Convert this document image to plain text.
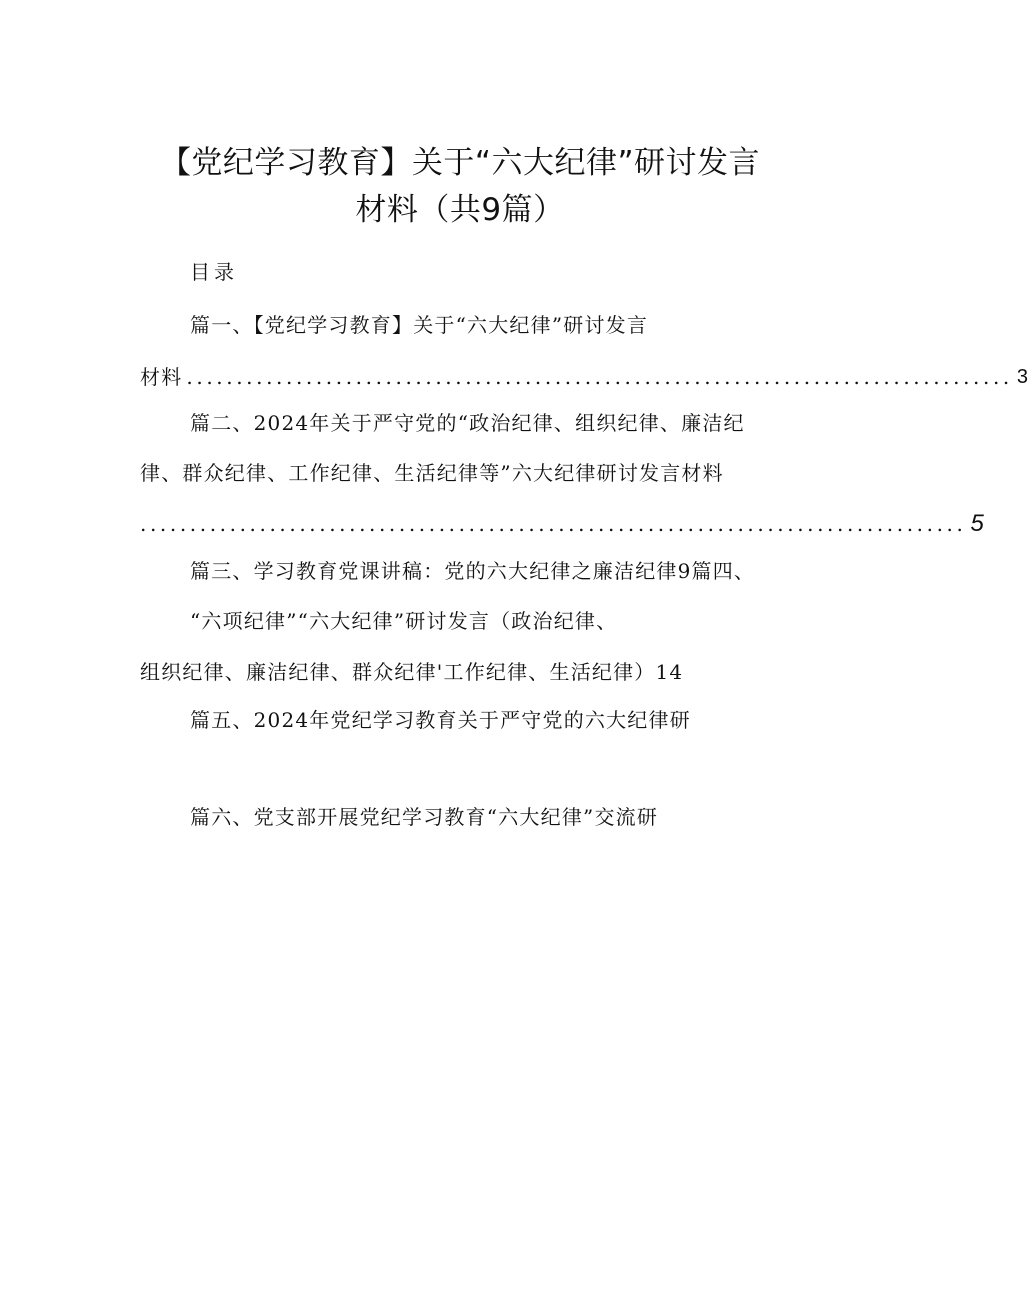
【党纪学习教育】关于“六大纪律”研讨发言
材料（共9篇）
目录
篇一、【党纪学习教育】关于“六大纪律”研讨发言
材料 ................................................................................... 3
篇二、2024年关于严守党的“政治纪律、组织纪律、廉洁纪
律、群众纪律、工作纪律、生活纪律等”六大纪律研讨发言材料
................................................................................... 5
篇三、学习教育党课讲稿：党的六大纪律之廉洁纪律9篇四、
“六项纪律”“六大纪律”研讨发言（政治纪律、
组织纪律、廉洁纪律、群众纪律'工作纪律、生活纪律）14
篇五、2024年党纪学习教育关于严守党的六大纪律研
篇六、党支部开展党纪学习教育“六大纪律”交流研
